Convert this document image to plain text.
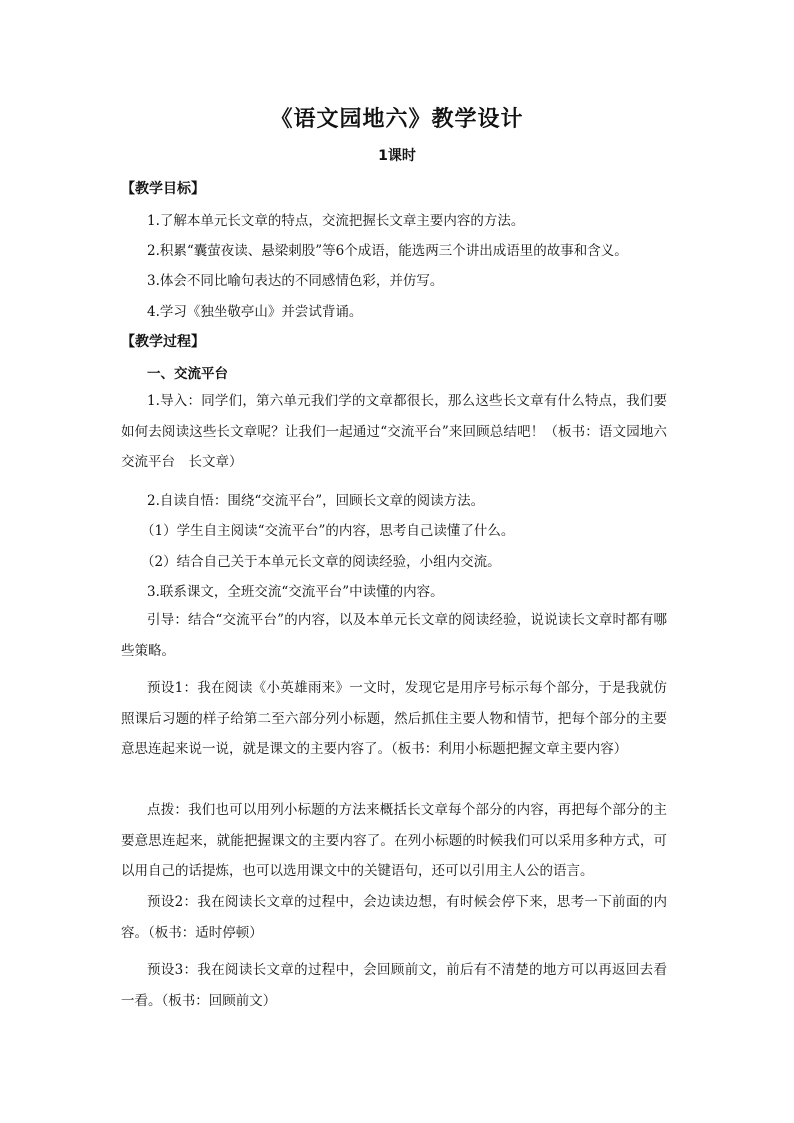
《语文园地六》教学设计
1课时
【教学目标】
1.了解本单元长文章的特点，交流把握长文章主要内容的方法。
2.积累“囊萤夜读、悬梁刺股”等6个成语，能选两三个讲出成语里的故事和含义。
3.体会不同比喻句表达的不同感情色彩，并仿写。
4.学习《独坐敬亭山》并尝试背诵。
【教学过程】
一、交流平台

1.导入：同学们，第六单元我们学的文章都很长，那么这些长文章有什么特点，我们要如何去阅读这些长文章呢？让我们一起通过“交流平台”来回顾总结吧！（板书：语文园地六　交流平台　长文章）

2.自读自悟：围绕“交流平台”，回顾长文章的阅读方法。
（1）学生自主阅读“交流平台”的内容，思考自己读懂了什么。
（2）结合自己关于本单元长文章的阅读经验，小组内交流。
3.联系课文，全班交流“交流平台”中读懂的内容。

引导：结合“交流平台”的内容，以及本单元长文章的阅读经验，说说读长文章时都有哪些策略。

预设1：我在阅读《小英雄雨来》一文时，发现它是用序号标示每个部分，于是我就仿照课后习题的样子给第二至六部分列小标题，然后抓住主要人物和情节，把每个部分的主要意思连起来说一说，就是课文的主要内容了。（板书：利用小标题把握文章主要内容）

点拨：我们也可以用列小标题的方法来概括长文章每个部分的内容，再把每个部分的主要意思连起来，就能把握课文的主要内容了。在列小标题的时候我们可以采用多种方式，可以用自己的话提炼，也可以选用课文中的关键语句，还可以引用主人公的语言。

预设2：我在阅读长文章的过程中，会边读边想，有时候会停下来，思考一下前面的内容。（板书：适时停顿）

预设3：我在阅读长文章的过程中，会回顾前文，前后有不清楚的地方可以再返回去看一看。（板书：回顾前文）
